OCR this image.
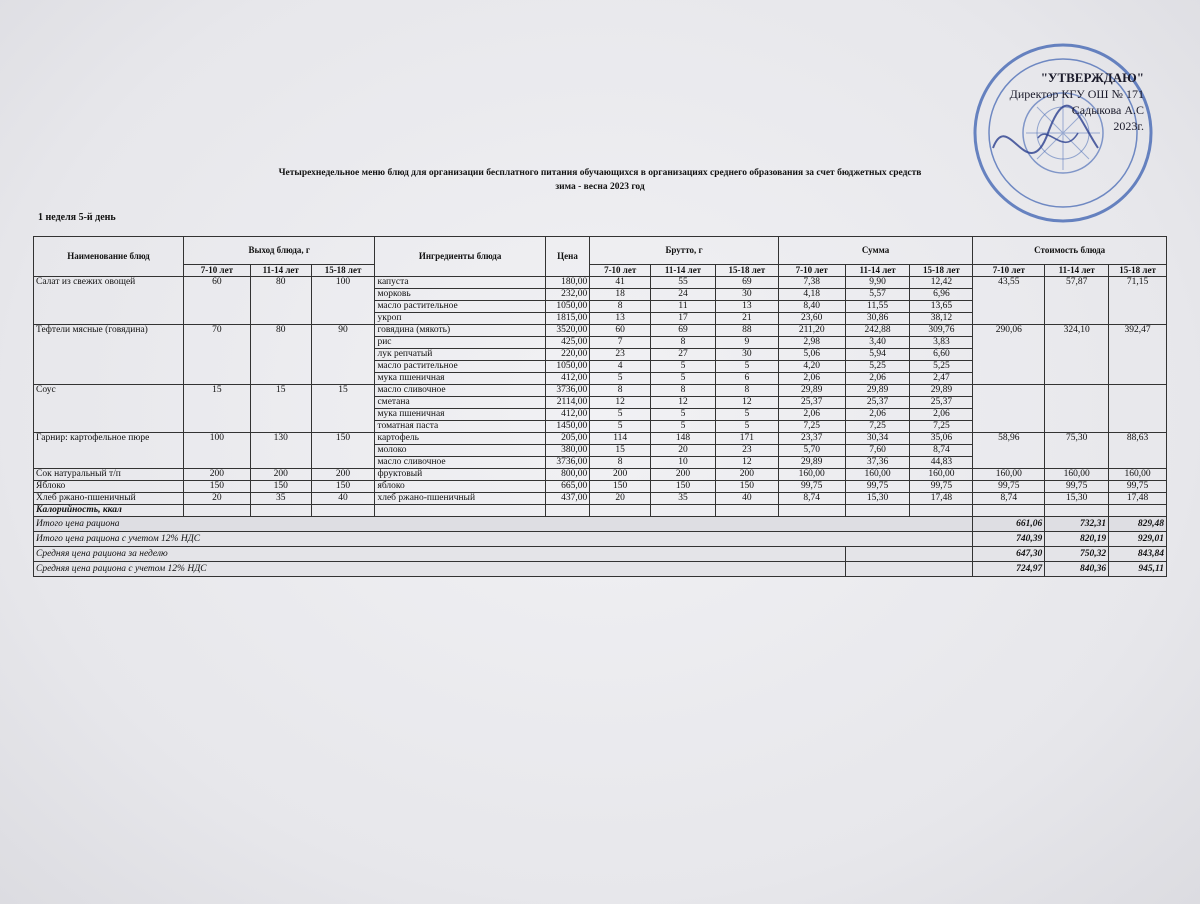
"УТВЕРЖДАЮ"
Директор КГУ ОШ № 171
Садыкова А.С
2023г.
Четырехнедельное меню блюд для организации бесплатного питания обучающихся в организациях среднего образования за счет бюджетных средств
зима - весна 2023 год
1 неделя 5-й день
Наименование блюд	Выход блюда, г			Ингредиенты блюда	Цена	Брутто, г			Сумма			Стоимость блюда		
	7-10 лет	11-14 лет	15-18 лет			7-10 лет	11-14 лет	15-18 лет	7-10 лет	11-14 лет	15-18 лет	7-10 лет	11-14 лет	15-18 лет
Салат из свежих овощей	60	80	100	капуста	180,00	41	55	69	7,38	9,90	12,42	43,55	57,87	71,15
				морковь	232,00	18	24	30	4,18	5,57	6,96			
				масло растительное	1050,00	8	11	13	8,40	11,55	13,65			
				укроп	1815,00	13	17	21	23,60	30,86	38,12			
Тефтели мясные (говядина)	70	80	90	говядина (мякоть)	3520,00	60	69	88	211,20	242,88	309,76	290,06	324,10	392,47
				рис	425,00	7	8	9	2,98	3,40	3,83			
				лук репчатый	220,00	23	27	30	5,06	5,94	6,60			
				масло растительное	1050,00	4	5	5	4,20	5,25	5,25			
				мука пшеничная	412,00	5	5	6	2,06	2,06	2,47			
Соус	15	15	15	масло сливочное	3736,00	8	8	8	29,89	29,89	29,89			
				сметана	2114,00	12	12	12	25,37	25,37	25,37			
				мука пшеничная	412,00	5	5	5	2,06	2,06	2,06			
				томатная паста	1450,00	5	5	5	7,25	7,25	7,25			
Гарнир: картофельное пюре	100	130	150	картофель	205,00	114	148	171	23,37	30,34	35,06	58,96	75,30	88,63
				молоко	380,00	15	20	23	5,70	7,60	8,74			
				масло сливочное	3736,00	8	10	12	29,89	37,36	44,83			
Сок натуральный т/п	200	200	200	фруктовый	800,00	200	200	200	160,00	160,00	160,00	160,00	160,00	160,00
Яблоко	150	150	150	яблоко	665,00	150	150	150	99,75	99,75	99,75	99,75	99,75	99,75
Хлеб ржано-пшеничный	20	35	40	хлеб ржано-пшеничный	437,00	20	35	40	8,74	15,30	17,48	8,74	15,30	17,48
Калорийность, ккал														
Итого цена рациона												661,06	732,31	829,48
Итого цена рациона с учетом 12% НДС												740,39	820,19	929,01
Средняя цена рациона за неделю												647,30	750,32	843,84
Средняя цена рациона с учетом 12% НДС												724,97	840,36	945,11
